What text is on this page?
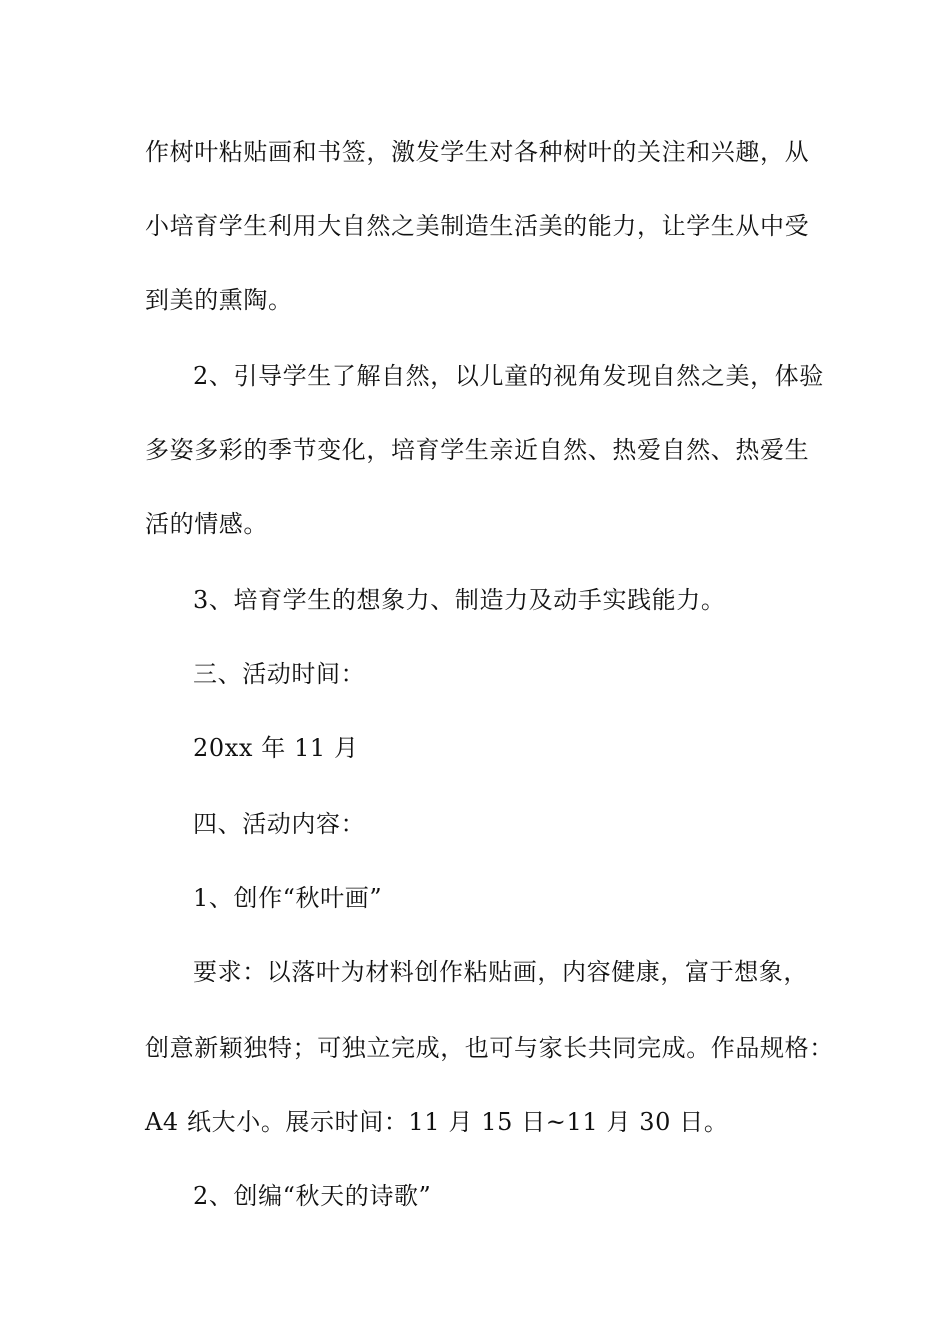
作树叶粘贴画和书签，激发学生对各种树叶的关注和兴趣，从
小培育学生利用大自然之美制造生活美的能力，让学生从中受
到美的熏陶。
2、引导学生了解自然，以儿童的视角发现自然之美，体验
多姿多彩的季节变化，培育学生亲近自然、热爱自然、热爱生
活的情感。
3、培育学生的想象力、制造力及动手实践能力。
三、活动时间：
20xx 年 11 月
四、活动内容：
1、创作“秋叶画”
要求：以落叶为材料创作粘贴画，内容健康，富于想象，
创意新颖独特；可独立完成，也可与家长共同完成。作品规格：
A4 纸大小。展示时间：11 月 15 日~11 月 30 日。
2、创编“秋天的诗歌”
